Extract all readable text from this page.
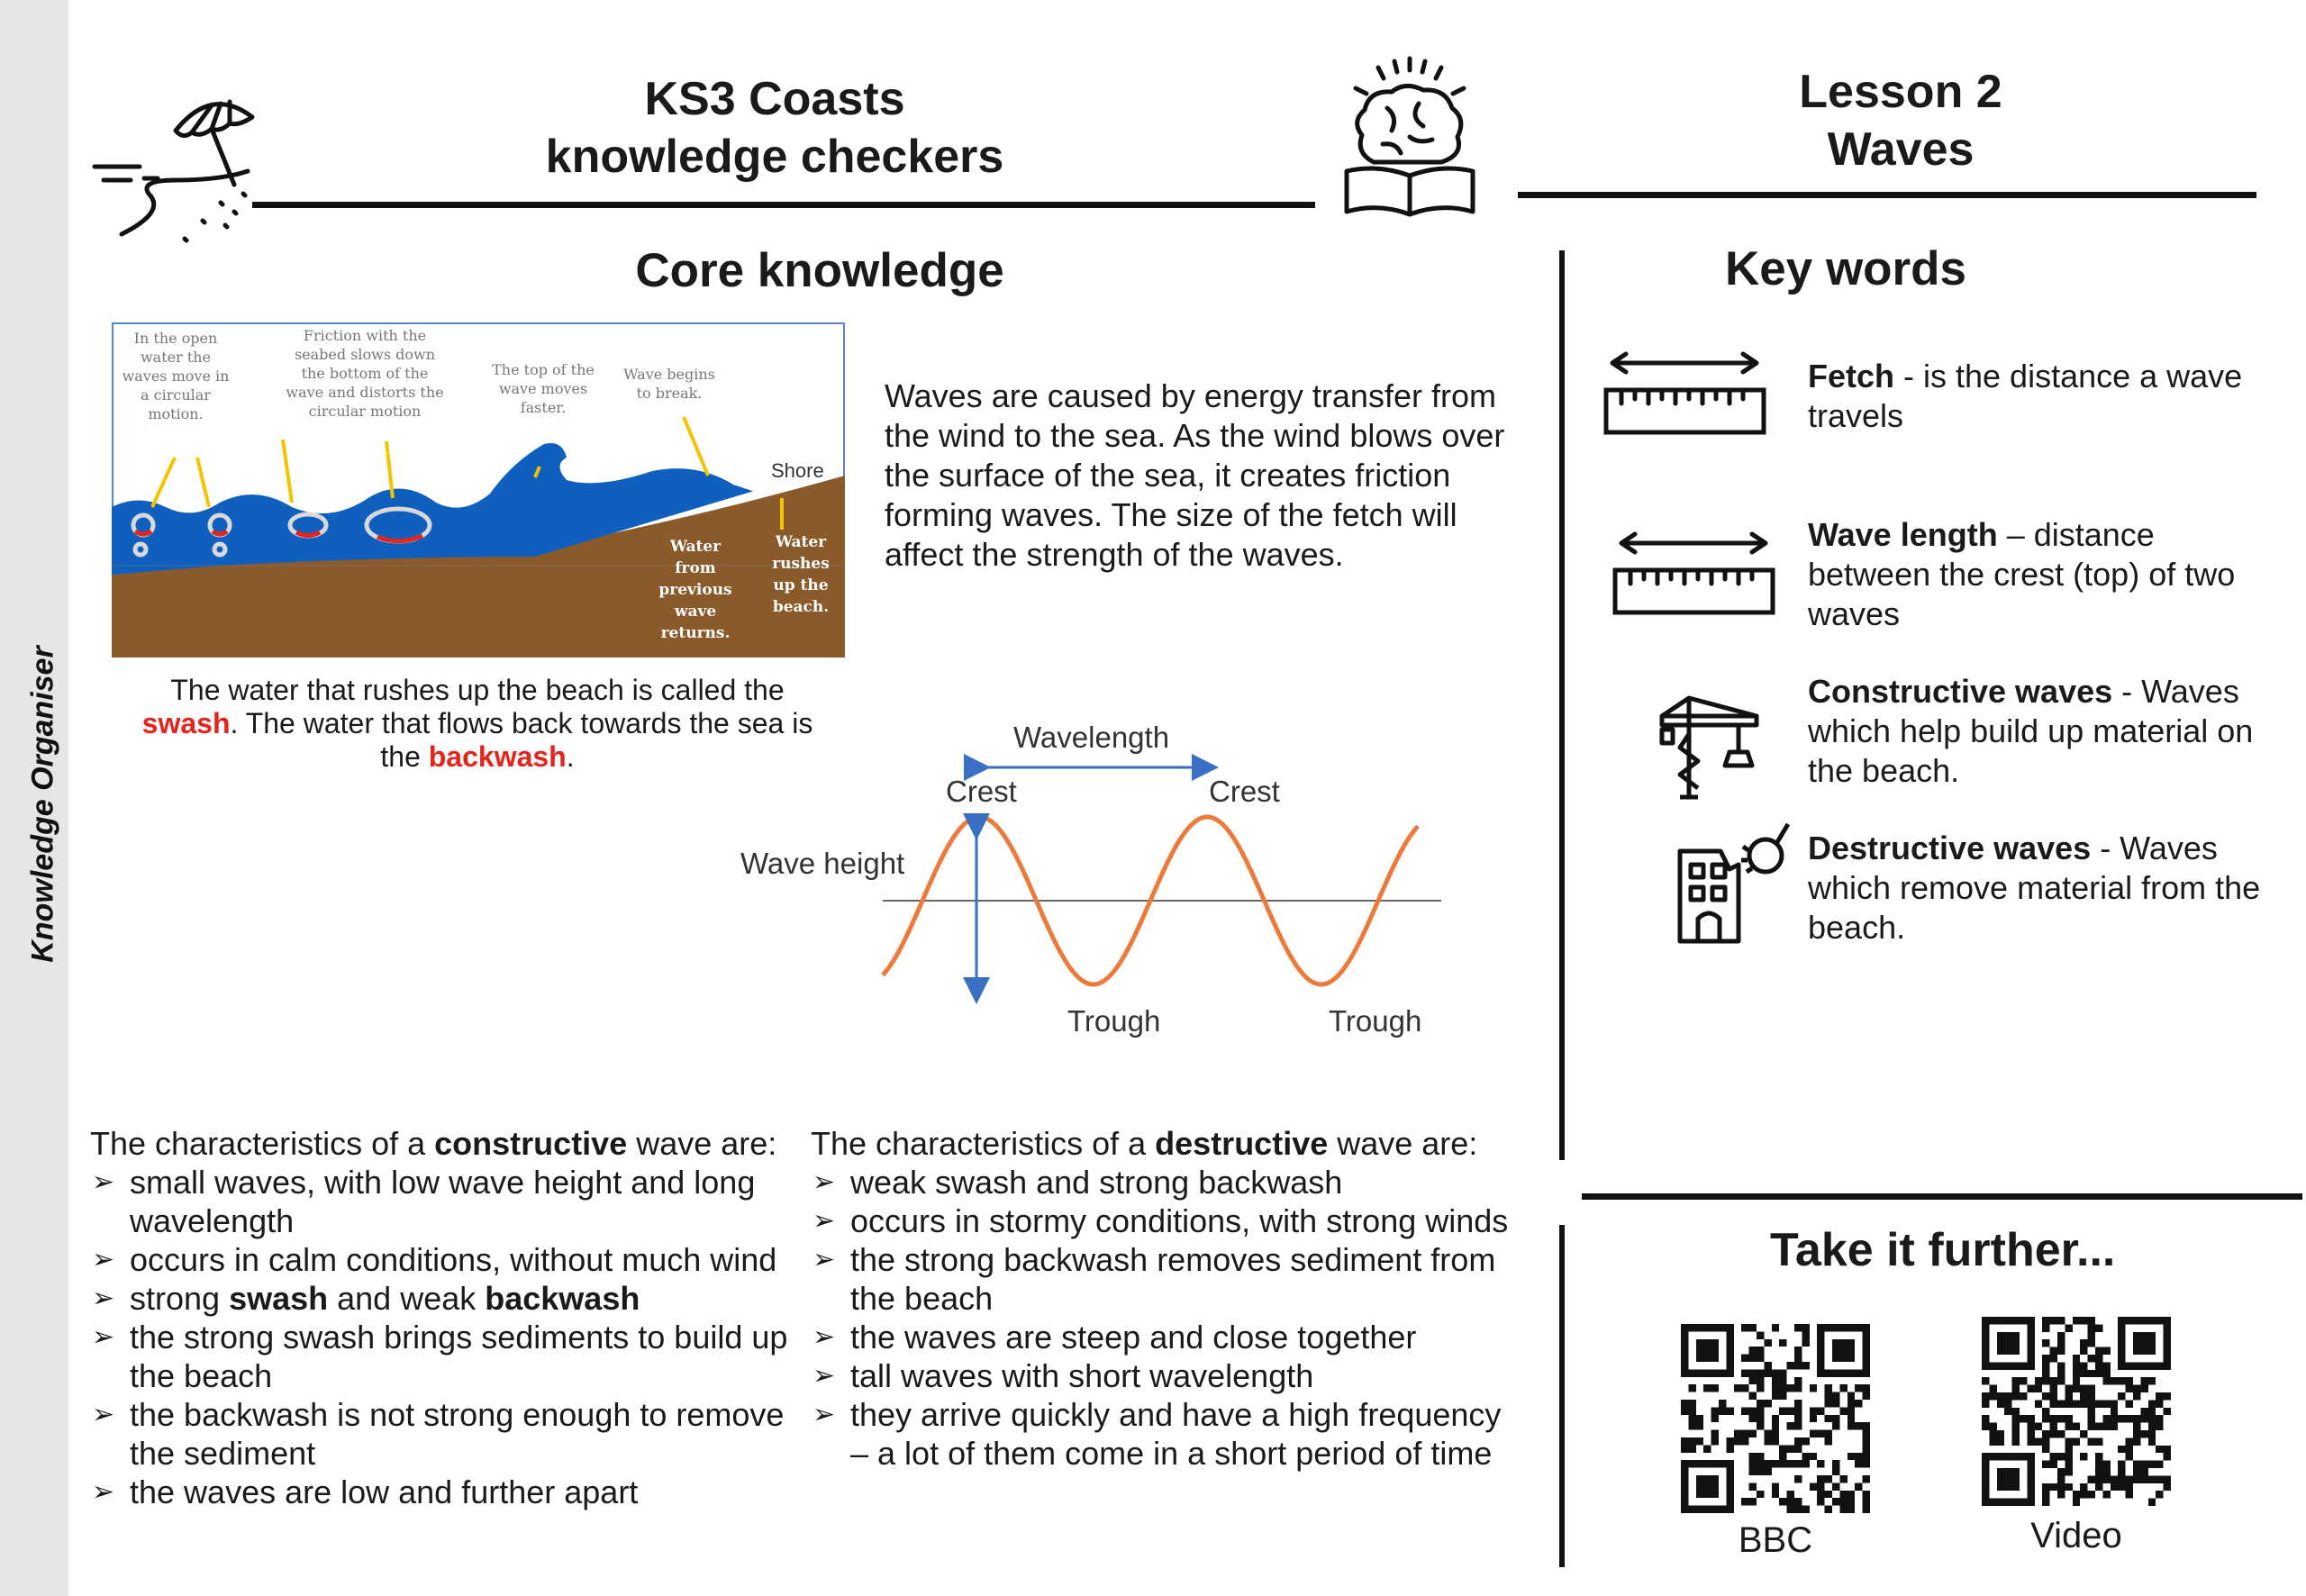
Knowledge Organiser
KS3 Coasts
knowledge checkers
Lesson 2
Waves
Core knowledge
In the open water the waves move in a circular motion.
Friction with the seabed slows down the bottom of the wave and distorts the circular motion
The top of the wave moves faster.
Wave begins to break.
Shore
Water from previous wave returns.
Water rushes up the beach.
Waves are caused by energy transfer from the wind to the sea. As the wind blows over the surface of the sea, it creates friction forming waves. The size of the fetch will affect the strength of the waves.
The water that rushes up the beach is called the swash. The water that flows back towards the sea is the backwash.
Wavelength
Crest	Crest
Wave height
Trough	Trough
The characteristics of a constructive wave are:
➢ small waves, with low wave height and long wavelength
➢ occurs in calm conditions, without much wind
➢ strong swash and weak backwash
➢ the strong swash brings sediments to build up the beach
➢ the backwash is not strong enough to remove the sediment
➢ the waves are low and further apart
The characteristics of a destructive wave are:
➢ weak swash and strong backwash
➢ occurs in stormy conditions, with strong winds
➢ the strong backwash removes sediment from the beach
➢ the waves are steep and close together
➢ tall waves with short wavelength
➢ they arrive quickly and have a high frequency – a lot of them come in a short period of time
Key words
Fetch - is the distance a wave travels
Wave length – distance between the crest (top) of two waves
Constructive waves - Waves which help build up material on the beach.
Destructive waves - Waves which remove material from the beach.
Take it further...
BBC	Video
